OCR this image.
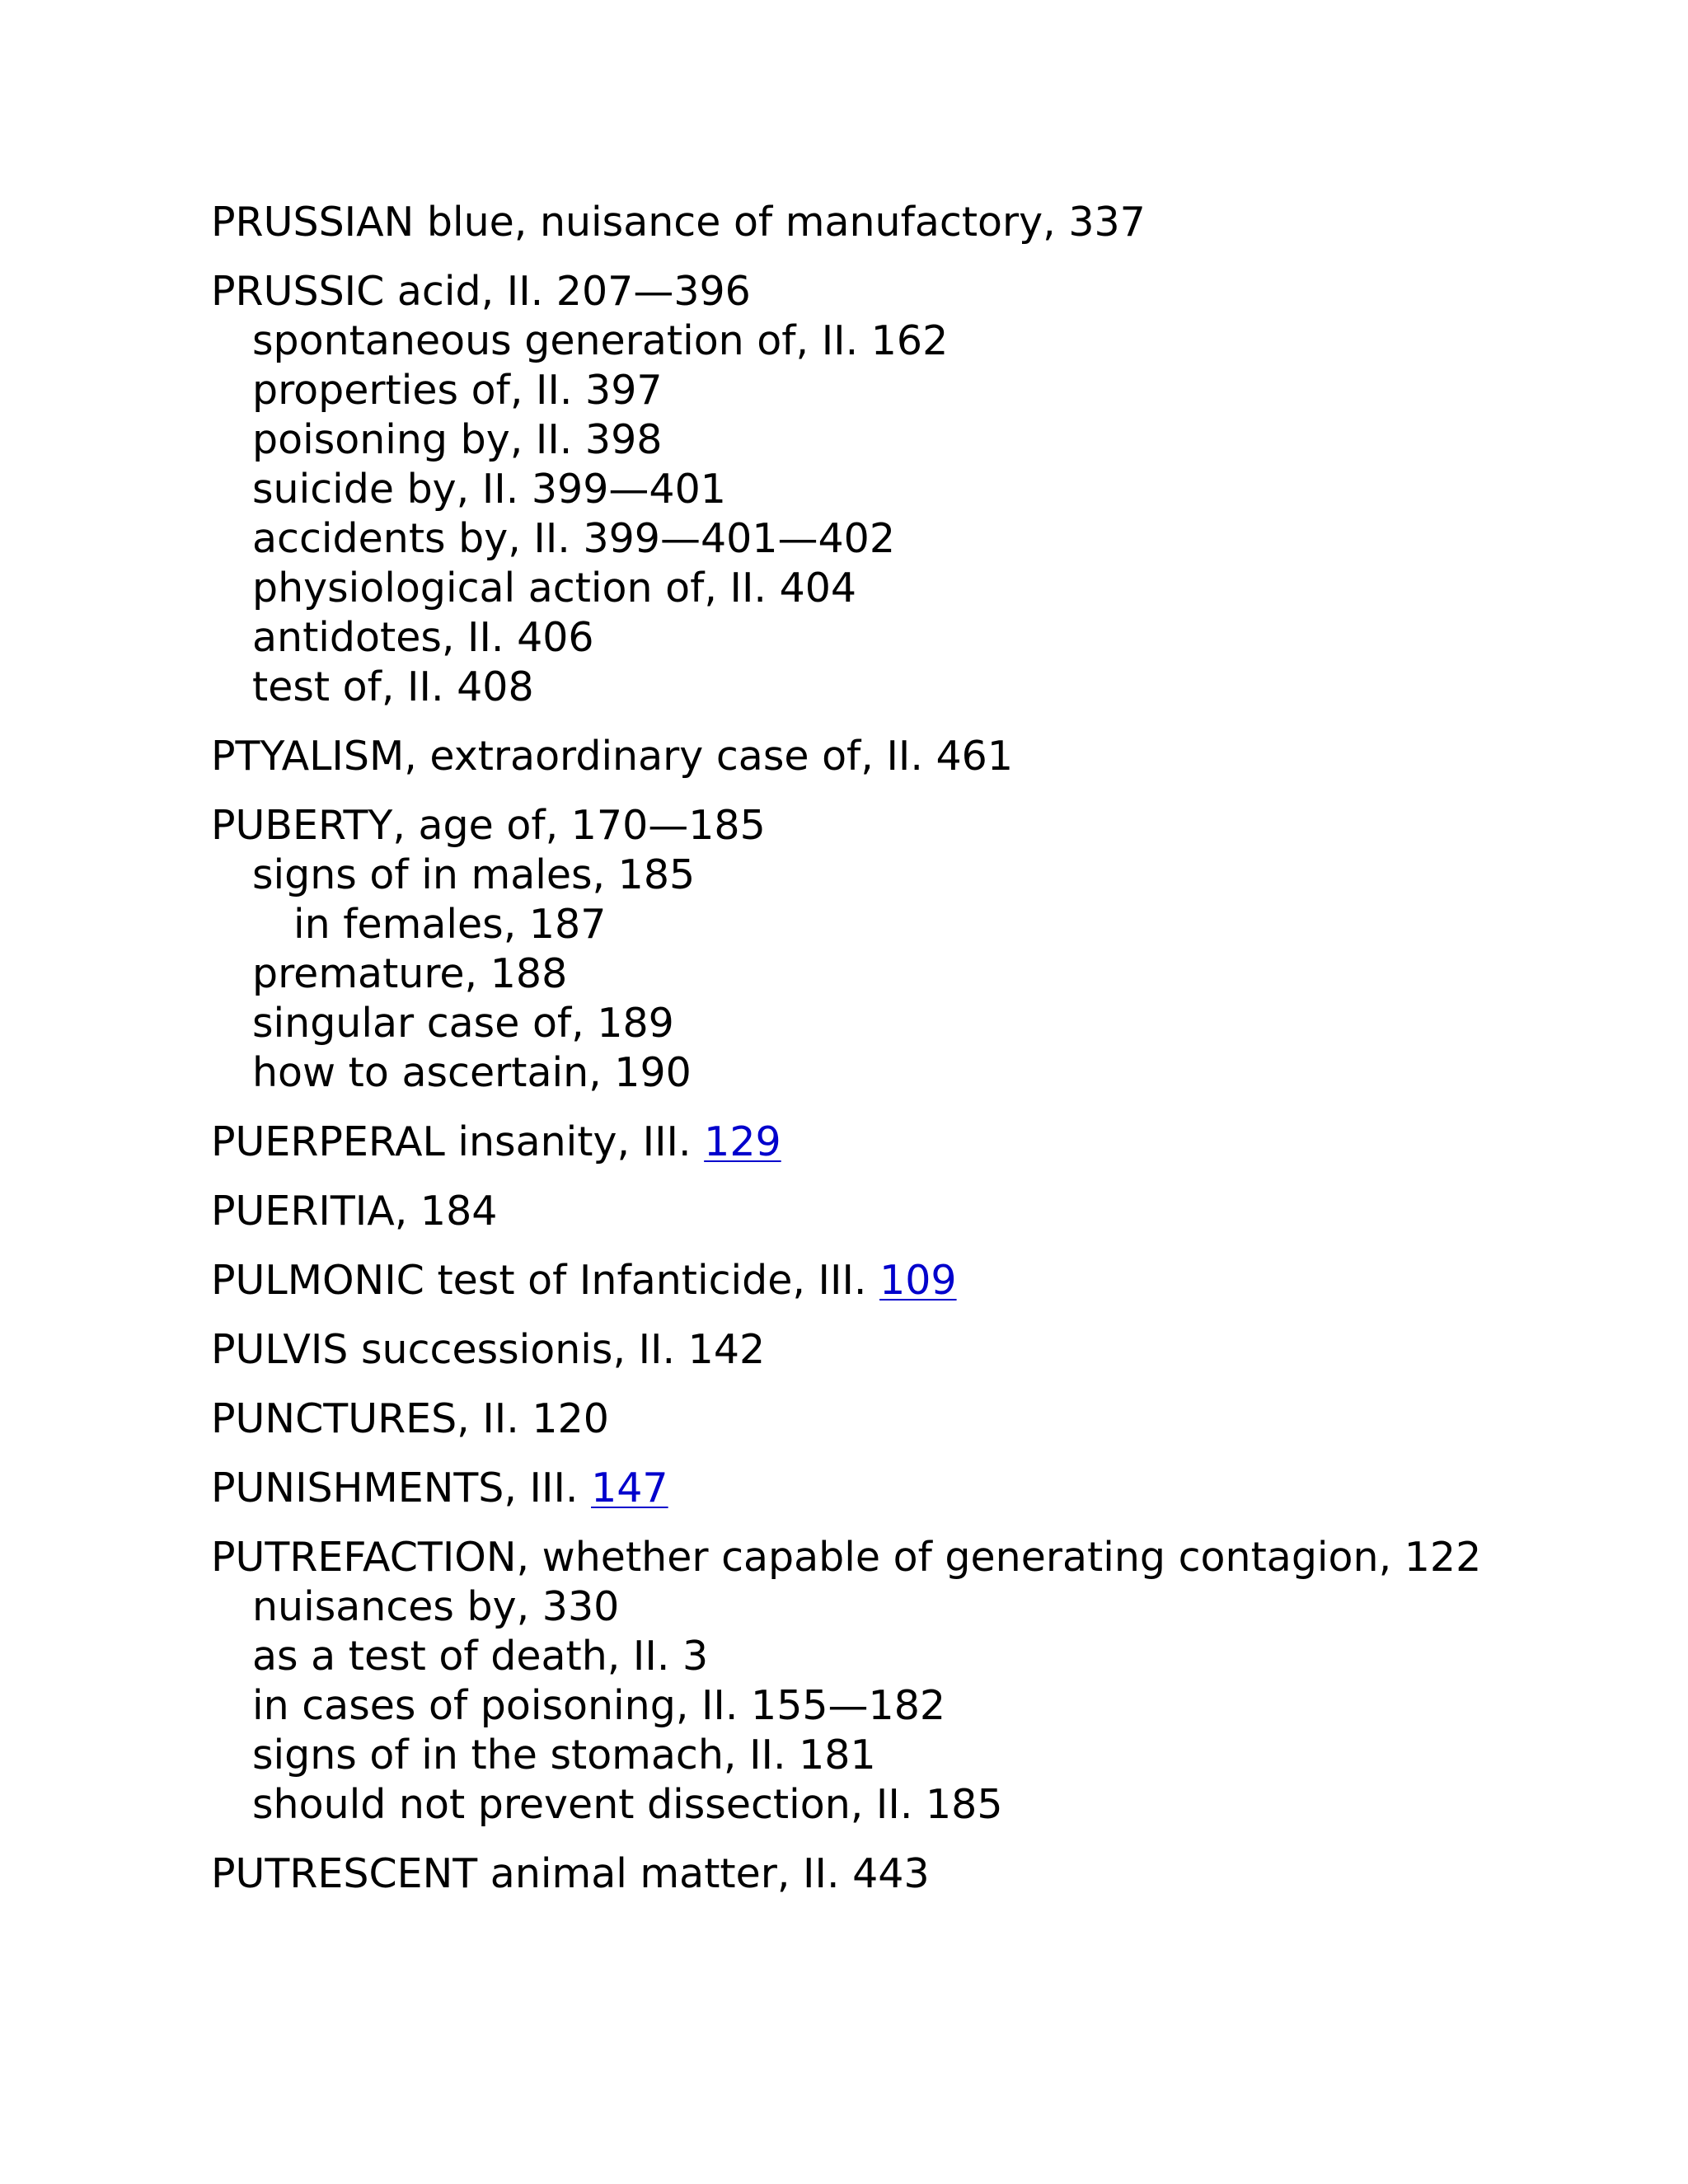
PRUSSIAN blue, nuisance of manufactory, 337
PRUSSIC acid, II. 207—396
spontaneous generation of, II. 162
properties of, II. 397
poisoning by, II. 398
suicide by, II. 399—401
accidents by, II. 399—401—402
physiological action of, II. 404
antidotes, II. 406
test of, II. 408
PTYALISM, extraordinary case of, II. 461
PUBERTY, age of, 170—185
signs of in males, 185
in females, 187
premature, 188
singular case of, 189
how to ascertain, 190
PUERPERAL insanity, III. 129
PUERITIA, 184
PULMONIC test of Infanticide, III. 109
PULVIS successionis, II. 142
PUNCTURES, II. 120
PUNISHMENTS, III. 147
PUTREFACTION, whether capable of generating contagion, 122
nuisances by, 330
as a test of death, II. 3
in cases of poisoning, II. 155—182
signs of in the stomach, II. 181
should not prevent dissection, II. 185
PUTRESCENT animal matter, II. 443
